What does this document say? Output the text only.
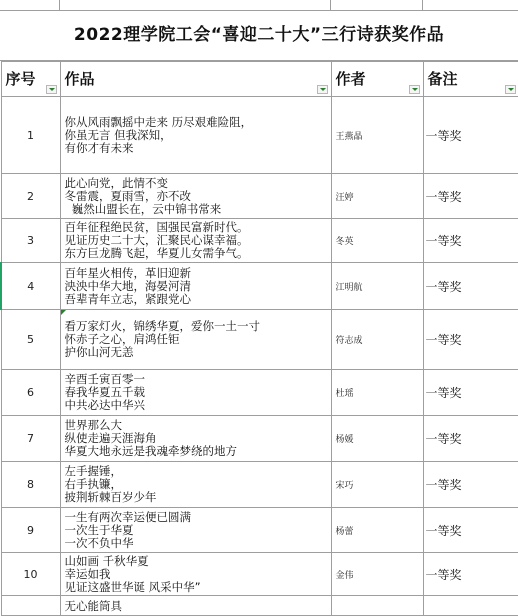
2022理学院工会“喜迎二十大”三行诗获奖作品
序号	作品	作者	备注

1	你从风雨飘摇中走来 历尽艰难险阻，
你虽无言 但我深知，
有你才有未来	王燕晶	一等奖
2	此心向党，此情不变
冬雷震，夏雨雪，亦不改
巍然山盟长在，云中锦书常来	汪婷	一等奖
3	百年征程绝民贫，国强民富新时代。
见证历史二十大，汇聚民心谋幸福。
东方巨龙腾飞起，华夏儿女需争气。	冬英	一等奖
4	百年星火相传，革旧迎新
泱泱中华大地，海晏河清
吾辈青年立志，紧跟党心	江明航	一等奖
5	看万家灯火，锦绣华夏，爱你一土一寸
怀赤子之心，肩鸿任钜
护你山河无恙	符志成	一等奖
6	辛酉壬寅百零一
春我华夏五千载
中共必达中华兴	杜瑶	一等奖
7	世界那么大
纵使走遍天涯海角
华夏大地永远是我魂牵梦绕的地方	杨媛	一等奖
8	左手握锤，
右手执镰，
披荆斩棘百岁少年	宋巧	一等奖
9	一生有两次幸运便已圆满
一次生于华夏
一次不负中华	杨蕾	一等奖
10	山如画 千秋华夏
幸运如我
见证这盛世华诞 风采中华”	金伟	一等奖

	无心能筒具		
